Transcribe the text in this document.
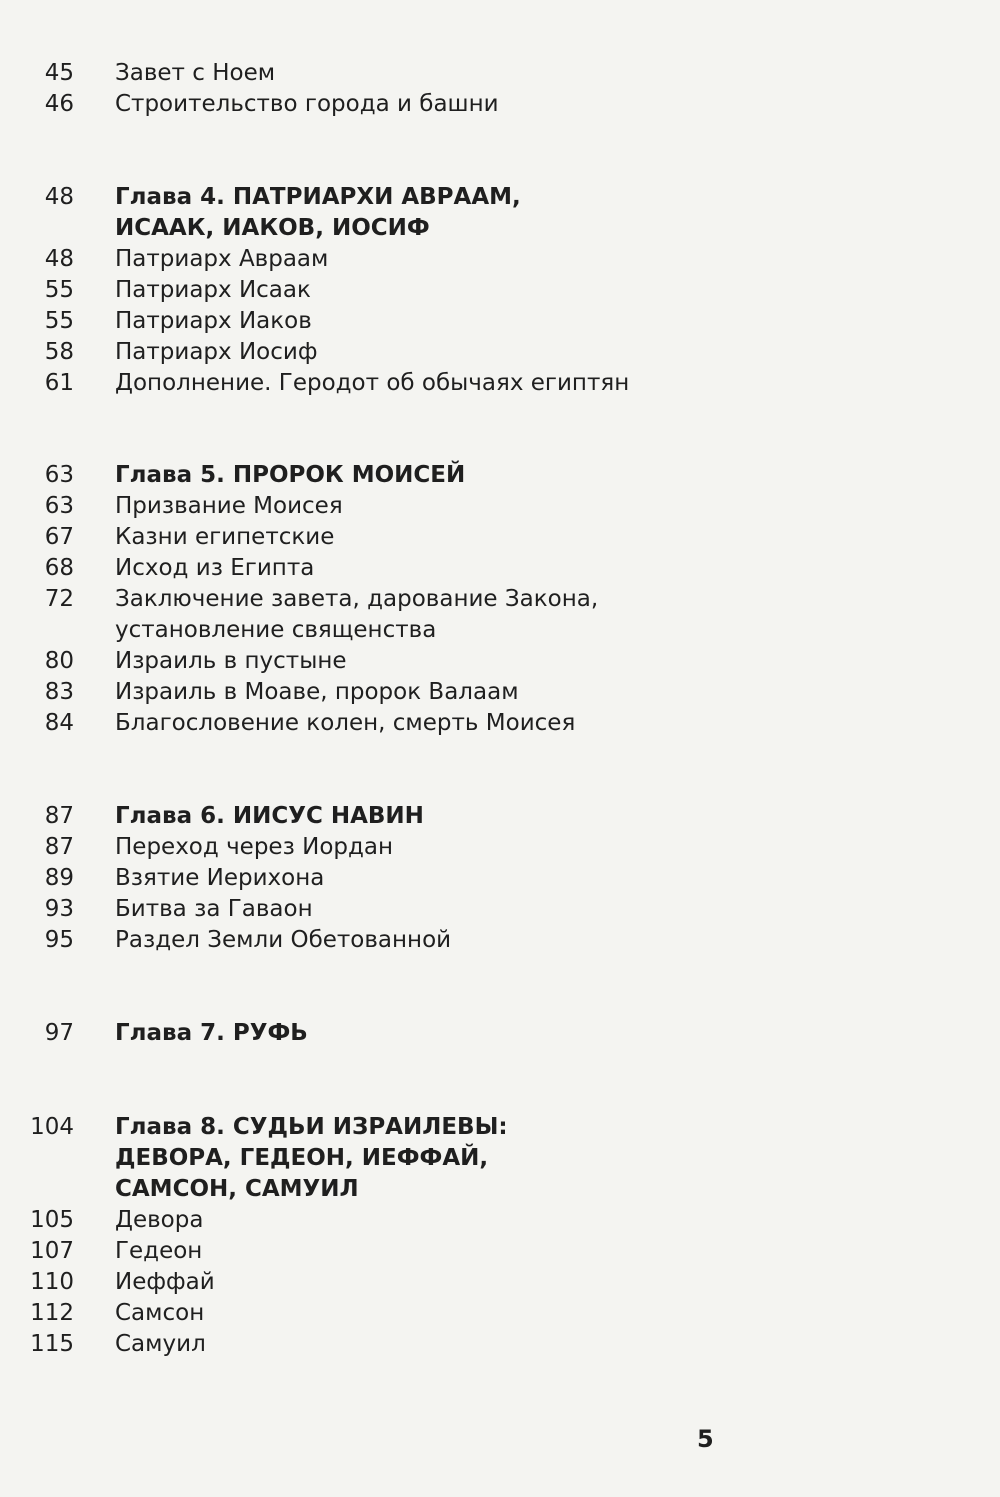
45 Завет с Ноем
46 Строительство города и башни
48 Глава 4. ПАТРИАРХИ АВРААМ,
ИСААК, ИАКОВ, ИОСИФ
48 Патриарх Авраам
55 Патриарх Исаак
55 Патриарх Иаков
58 Патриарх Иосиф
61 Дополнение. Геродот об обычаях египтян
63 Глава 5. ПРОРОК МОИСЕЙ
63 Призвание Моисея
67 Казни египетские
68 Исход из Египта
72 Заключение завета, дарование Закона,
установление священства
80 Израиль в пустыне
83 Израиль в Моаве, пророк Валаам
84 Благословение колен, смерть Моисея
87 Глава 6. ИИСУС НАВИН
87 Переход через Иордан
89 Взятие Иерихона
93 Битва за Гаваон
95 Раздел Земли Обетованной
97 Глава 7. РУФЬ
104 Глава 8. СУДЬИ ИЗРАИЛЕВЫ:
ДЕВОРА, ГЕДЕОН, ИЕФФАЙ,
САМСОН, САМУИЛ
105 Девора
107 Гедеон
110 Иеффай
112 Самсон
115 Самуил
5
